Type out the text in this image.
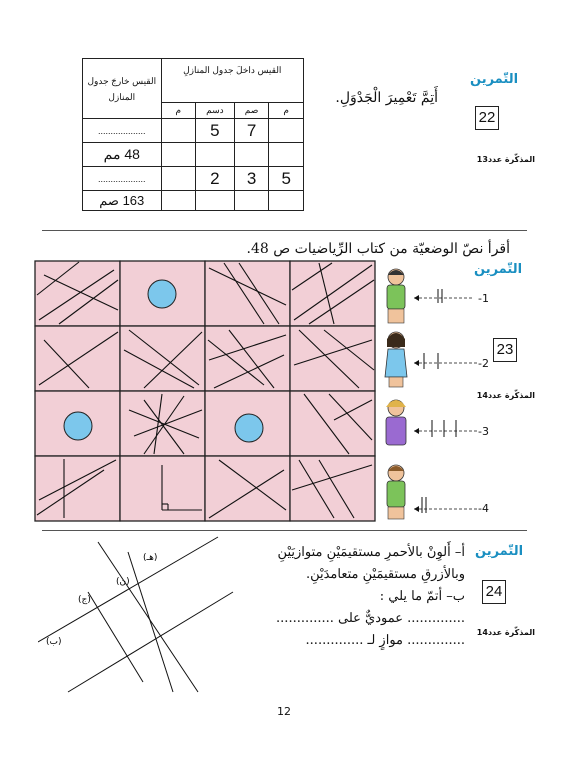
التّمرين
22
المذكّرة عدد13
أَتِمَّ تَعْمِيرَ الْجَدْوَلِ.
القيس داخلَ جدول المنازلِ				القيس خارجَ جدول المنازل
م	صم	دسم	م	
	7	5		...................
				48 مم
5	3	2		...................
				163 صم
أقرأ نصّ الوضعيّة من كتاب الرِّياضيات ص 48.
التّمرين
23
المذكّرة عدد14
-1
-2
-3
-4
التّمرين
24
المذكّرة عدد14
أ– أَلوِنْ بالأحمرِ مستقيمَيْنِ متوازيَيْنِ
وبالأزرقِ مستقيمَيْنِ متعامدَيْنِ.
ب– أتمّ ما يلي :
.............. عموديٌّ على ..............
.............. موازٍ لـ ..............
(هـ)
(ن)
(ج)
(ب)
12
